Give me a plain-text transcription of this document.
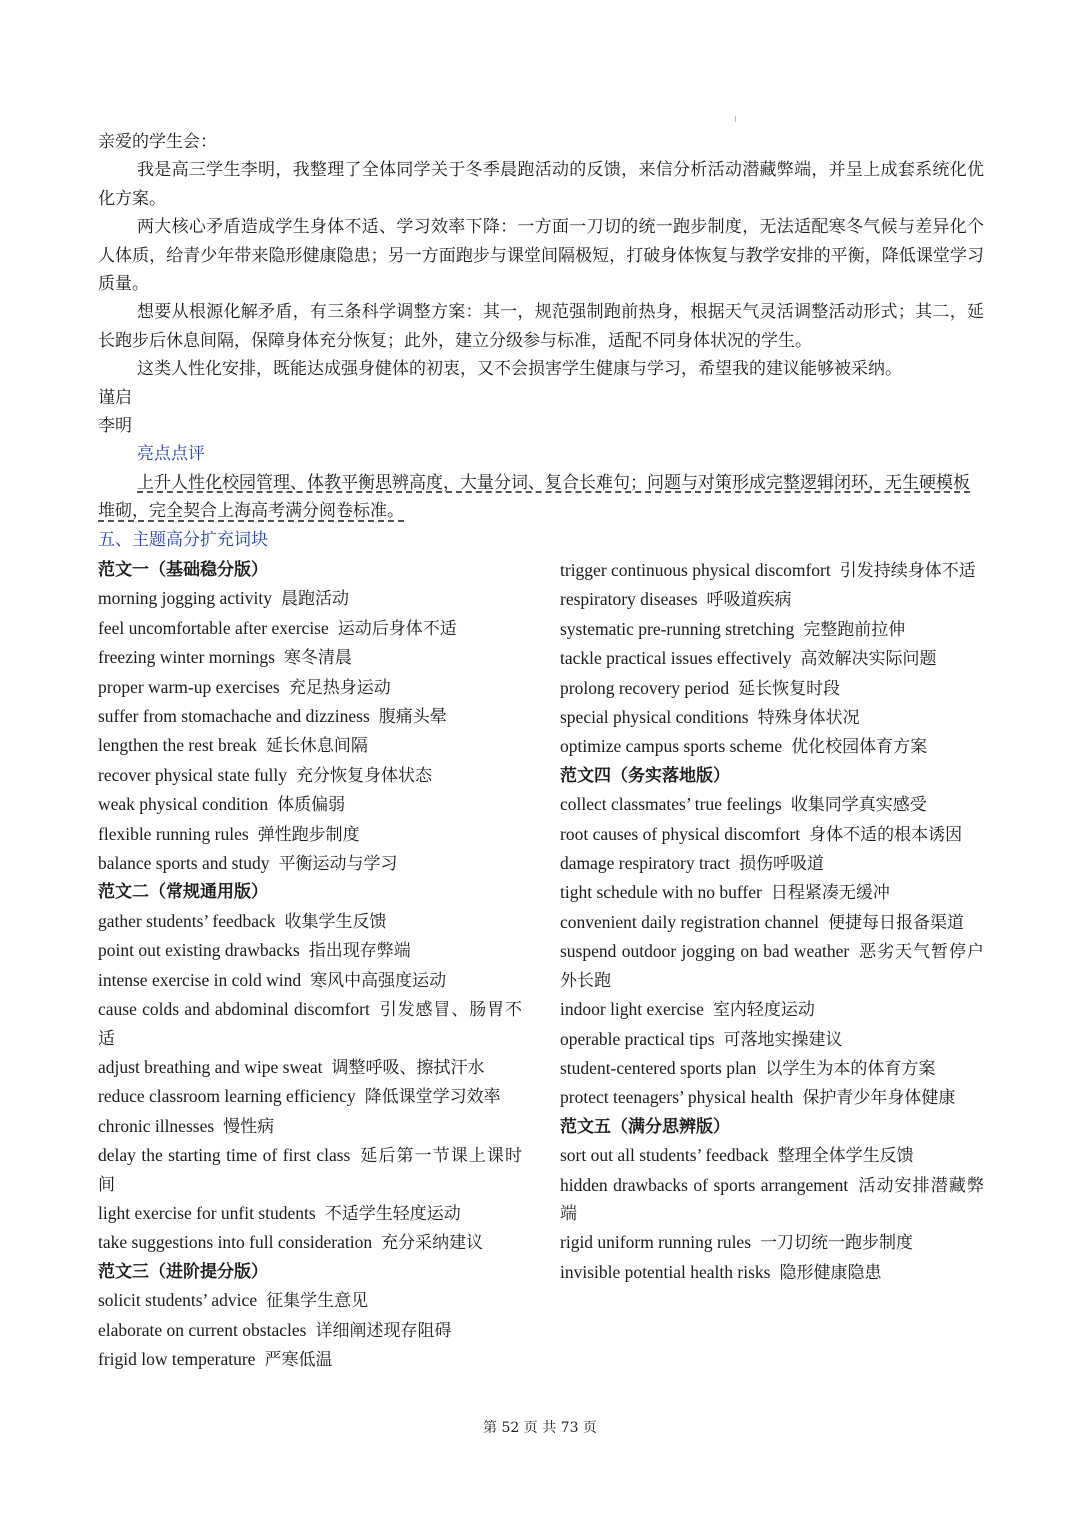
亲爱的学生会：

我是高三学生李明，我整理了全体同学关于冬季晨跑活动的反馈，来信分析活动潜藏弊端，并呈上成套系统化优化方案。

两大核心矛盾造成学生身体不适、学习效率下降：一方面一刀切的统一跑步制度，无法适配寒冬气候与差异化个人体质，给青少年带来隐形健康隐患；另一方面跑步与课堂间隔极短，打破身体恢复与教学安排的平衡，降低课堂学习质量。

想要从根源化解矛盾，有三条科学调整方案：其一，规范强制跑前热身，根据天气灵活调整活动形式；其二，延长跑步后休息间隔，保障身体充分恢复；此外，建立分级参与标准，适配不同身体状况的学生。

这类人性化安排，既能达成强身健体的初衷，又不会损害学生健康与学习，希望我的建议能够被采纳。

谨启

李明

亮点点评

上升人性化校园管理、体教平衡思辨高度，大量分词、复合长难句；问题与对策形成完整逻辑闭环，无生硬模板堆砌，完全契合上海高考满分阅卷标准。

五、主题高分扩充词块

范文一（基础稳分版）

morning jogging activity 晨跑活动

feel uncomfortable after exercise 运动后身体不适

freezing winter mornings 寒冬清晨

proper warm-up exercises 充足热身运动

suffer from stomachache and dizziness 腹痛头晕

lengthen the rest break 延长休息间隔

recover physical state fully 充分恢复身体状态

weak physical condition 体质偏弱

flexible running rules 弹性跑步制度

balance sports and study 平衡运动与学习

范文二（常规通用版）

gather students’ feedback 收集学生反馈

point out existing drawbacks 指出现存弊端

intense exercise in cold wind 寒风中高强度运动

cause colds and abdominal discomfort 引发感冒、肠胃不适

adjust breathing and wipe sweat 调整呼吸、擦拭汗水

reduce classroom learning efficiency 降低课堂学习效率

chronic illnesses 慢性病

delay the starting time of first class 延后第一节课上课时间

light exercise for unfit students 不适学生轻度运动

take suggestions into full consideration 充分采纳建议

范文三（进阶提分版）

solicit students’ advice 征集学生意见

elaborate on current obstacles 详细阐述现存阻碍

frigid low temperature 严寒低温

trigger continuous physical discomfort 引发持续身体不适

respiratory diseases 呼吸道疾病

systematic pre-running stretching 完整跑前拉伸

tackle practical issues effectively 高效解决实际问题

prolong recovery period 延长恢复时段

special physical conditions 特殊身体状况

optimize campus sports scheme 优化校园体育方案

范文四（务实落地版）

collect classmates’ true feelings 收集同学真实感受

root causes of physical discomfort 身体不适的根本诱因

damage respiratory tract 损伤呼吸道

tight schedule with no buffer 日程紧凑无缓冲

convenient daily registration channel 便捷每日报备渠道

suspend outdoor jogging on bad weather 恶劣天气暂停户外长跑

indoor light exercise 室内轻度运动

operable practical tips 可落地实操建议

student-centered sports plan 以学生为本的体育方案

protect teenagers’ physical health 保护青少年身体健康

范文五（满分思辨版）

sort out all students’ feedback 整理全体学生反馈

hidden drawbacks of sports arrangement 活动安排潜藏弊端

rigid uniform running rules 一刀切统一跑步制度

invisible potential health risks 隐形健康隐患

第 52 页 共 73 页
